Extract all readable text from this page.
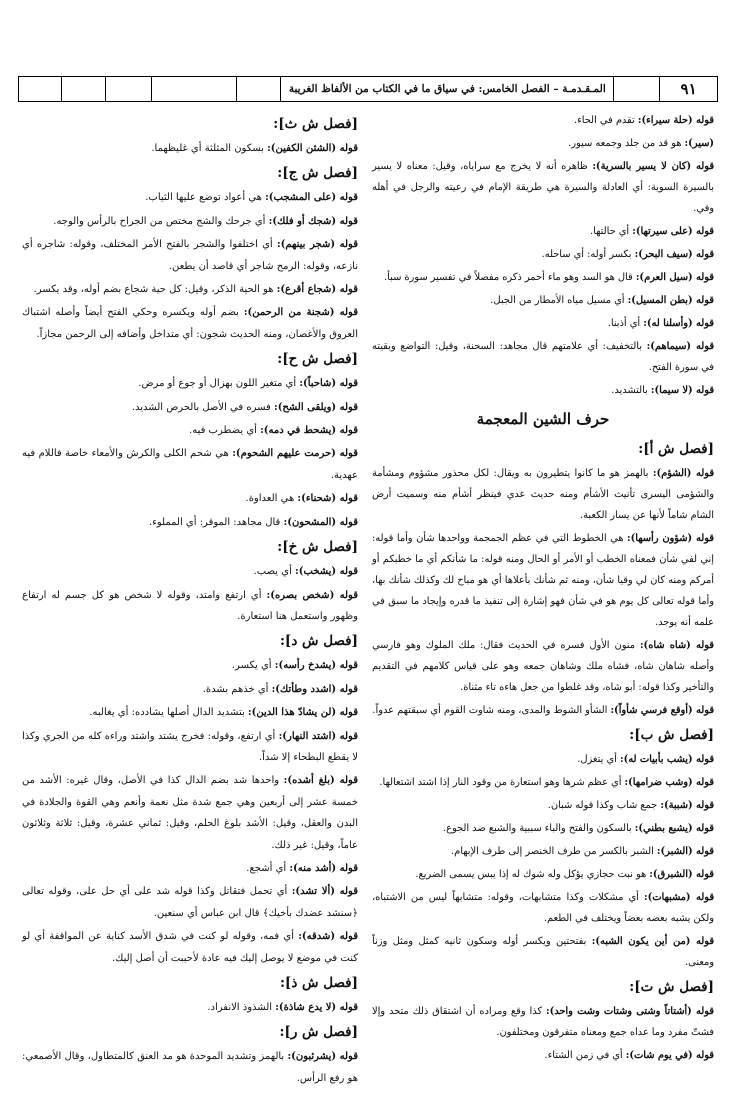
٩١
المـقـدمـة – الفصل الخامس: في سياق ما في الكتاب من الألفاظ الغريبة
قوله (حلة سيراء): تقدم في الحاء.
(سير): هو قد من جلد وجمعه سيور.
قوله (كان لا يسير بالسرية): ظاهره أنه لا يخرج مع سراياه، وقيل: معناه لا يسير بالسيرة السوية: أي العادلة والسيرة هي طريقة الإمام في رعيته والرجل في أهله وفي.
قوله (على سيرتها): أي حالتها.
قوله (سيف البحر): بكسر أوله: أي ساحله.
قوله (سيل العرم): قال هو السد وهو ماء أحمر ذكره مفصلاً في تفسير سورة سبأ.
قوله (بطن المسيل): أي مسيل مياه الأمطار من الجبل.
قوله (وأسلنا له): أي أذبنا.
قوله (سيماهم): بالتخفيف: أي علامتهم قال مجاهد: السحنة، وقيل: التواضع وبقيته في سورة الفتح.
قوله (لا سيما): بالتشديد.
حرف الشين المعجمة
[فصل ش أ]:
قوله (الشؤم): بالهمز هو ما كانوا يتطيرون به ويقال: لكل محذور مشؤوم ومشأمة والشؤمى اليسرى تأنيث الأشأم ومنه حديث عدي فينظر أشأم منه وسميت أرض الشام شاماً لأنها عن يسار الكعبة.
قوله (شؤون رأسها): هي الخطوط التي في عظم الجمجمة وواحدها شأن وأما قوله: إني لفي شأن فمعناه الخطب أو الأمر أو الحال ومنه قوله: ما شأنكم أي ما خطبكم أو أمركم ومنه كان لي وقيا شأن، ومنه ثم شأنك بأعلاها أي هو مباح لك وكذلك شأنك بها، وأما قوله تعالى كل يوم هو في شأن فهو إشارة إلى تنفيذ ما قدره وإيجاد ما سبق في علمه أنه يوجد.
قوله (شاه شاه): منون الأول فسره في الحديث فقال: ملك الملوك وهو فارسي وأصله شاهان شاه، فشاه ملك وشاهان جمعه وهو على قياس كلامهم في التقديم والتأخير وكذا قوله: أبو شاه، وقد غلطوا من جعل هاءه تاء مثناة.
قوله (أوقع فرسي شأواً): الشأو الشوط والمدى، ومنه شاوت القوم أي سبقتهم عدواً.
[فصل ش ب]:
قوله (يشب بأبيات له): أي يتغزل.
قوله (وشب ضرامها): أي عظم شرها وهو استعارة من وقود النار إذا اشتد اشتعالها.
قوله (شببة): جمع شاب وكذا قوله شبان.
قوله (يشبع بطني): بالسكون والفتح والباء سببية والشبع ضد الجوع.
قوله (الشبر): الشبر بالكسر من طرف الخنصر إلى طرف الإبهام.
قوله (الشبرق): هو نبت حجازي يؤكل وله شوك له إذا يبس يسمى الضريع.
قوله (مشبهات): أي مشكلات وكذا متشابهات، وقوله: متشابهاً ليس من الاشتباه، ولكن يشبه بعضه بعضاً ويختلف في الطعم.
قوله (من أين يكون الشبه): بفتحتين ويكسر أوله وسكون ثانيه كمثل ومثل وزناً ومعنى.
[فصل ش ت]:
قوله (أشتاتاً وشتى وشتات وشت واحد): كذا وقع ومراده أن اشتقاق ذلك متحد وإلا فشتّ مفرد وما عداه جمع ومعناه متفرقون ومختلفون.
قوله (في يوم شات): أي في زمن الشتاء.
[فصل ش ث]:
قوله (الشثن الكفين): بسكون المثلثة أي غليظهما.
[فصل ش ج]:
قوله (على المشجب): هي أعواد توضع عليها الثياب.
قوله (شجك أو فلك): أي جرحك والشج مختص من الجراح بالرأس والوجه.
قوله (شجر بينهم): أي اختلفوا والشجر بالفتح الأمر المختلف، وقوله: شاجره أي نازعه، وقوله: الرمح شاجر أي قاصد أن يطعن.
قوله (شجاع أقرع): هو الحية الذكر، وقيل: كل حية شجاع بضم أوله، وقد يكسر.
قوله (شجنة من الرحمن): بضم أوله ويكسره وحكي الفتح أيضاً وأصله اشتباك العروق والأغصان، ومنه الحديث شجون: أي متداخل وأضافه إلى الرحمن مجازاً.
[فصل ش ح]:
قوله (شاحباً): أي متغير اللون بهزال أو جوع أو مرض.
قوله (ويلقى الشح): فسره في الأصل بالحرص الشديد.
قوله (يشحط في دمه): أي يضطرب فيه.
قوله (حرمت عليهم الشحوم): هي شحم الكلى والكرش والأمعاء خاصة فاللام فيه عهدية.
قوله (شحناء): هي العداوة.
قوله (المشحون): قال مجاهد: الموقر: أي المملوء.
[فصل ش خ]:
قوله (يشخب): أي يصب.
قوله (شخص بصره): أي ارتفع وامتد، وقوله لا شخص هو كل جسم له ارتفاع وظهور واستعمل هنا استعارة.
[فصل ش د]:
قوله (يشدخ رأسه): أي يكسر.
قوله (اشدد وطأتك): أي خذهم بشدة.
قوله (لن يشادّ هذا الدين): بتشديد الدال أصلها يشادده: أي يغالبه.
قوله (اشتد النهار): أي ارتفع، وقوله: فخرج يشتد واشتد وراءه كله من الجري وكذا لا يقطع البطحاء إلا شداً.
قوله (بلغ أشده): واحدها شد بضم الدال كذا في الأصل، وقال غيره: الأشد من خمسة عشر إلى أربعين وهي جمع شدة مثل نعمة وأنعم وهي القوة والجلادة في البدن والعقل، وقيل: الأشد بلوغ الحلم، وقيل: ثماني عشرة، وقيل: ثلاثة وثلاثون عاماً، وقيل: غير ذلك.
قوله (أشد منه): أي أشجع.
قوله (ألا تشد): أي تحمل فتقاتل وكذا قوله شد على أي حل على، وقوله تعالى ﴿سنشد عضدك بأخيك﴾ قال ابن عباس أي سنعين.
قوله (شدقه): أي فمه، وقوله لو كنت في شدق الأسد كناية عن المواقفة أي لو كنت في موضع لا يوصل إليك فيه عادة لأحببت أن أصل إليك.
[فصل ش ذ]:
قوله (لا يدع شاذة): الشذوذ الانفراد.
[فصل ش ر]:
قوله (يشرئبون): بالهمز وتشديد الموحدة هو مد العنق كالمتطاول، وقال الأصمعي: هو رفع الرأس.
